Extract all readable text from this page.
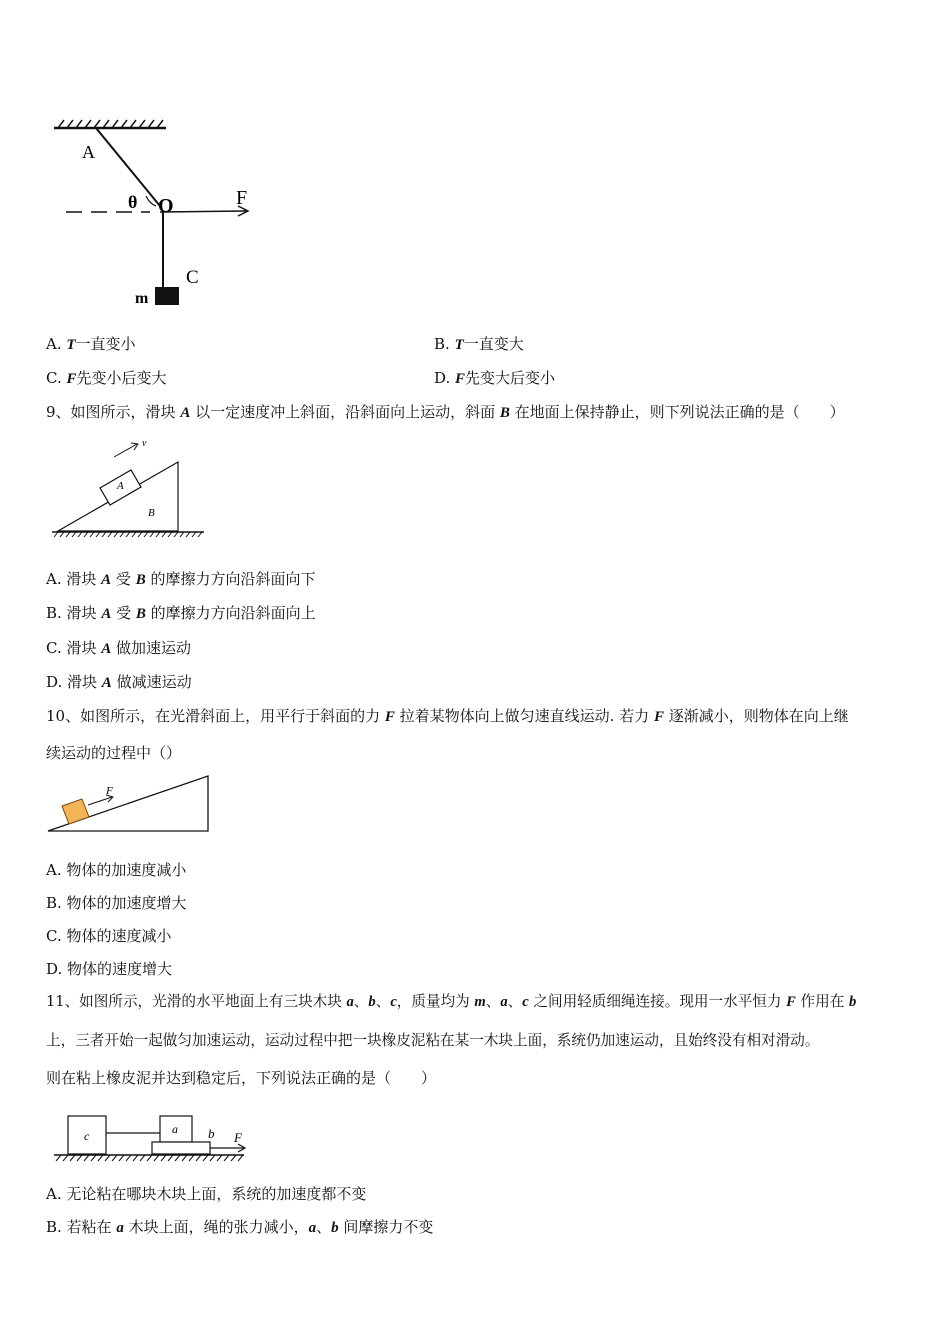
A
θ O	F
C
m
A. T一直变小	B. T一直变大
C. F先变小后变大	D. F先变大后变小
9、如图所示，滑块 A 以一定速度冲上斜面，沿斜面向上运动，斜面 B 在地面上保持静止，则下列说法正确的是（　　）
v
A
B
A. 滑块 A 受 B 的摩擦力方向沿斜面向下
B. 滑块 A 受 B 的摩擦力方向沿斜面向上
C. 滑块 A 做加速运动
D. 滑块 A 做减速运动
10、如图所示，在光滑斜面上，用平行于斜面的力 F 拉着某物体向上做匀速直线运动. 若力 F 逐渐减小，则物体在向上继
续运动的过程中（）
F
A. 物体的加速度减小
B. 物体的加速度增大
C. 物体的速度减小
D. 物体的速度增大
11、如图所示，光滑的水平地面上有三块木块 a、b、c，质量均为 m、a、c 之间用轻质细绳连接。现用一水平恒力 F 作用在 b
上，三者开始一起做匀加速运动，运动过程中把一块橡皮泥粘在某一木块上面，系统仍加速运动，且始终没有相对滑动。
则在粘上橡皮泥并达到稳定后，下列说法正确的是（　　）
c	a b F
A. 无论粘在哪块木块上面，系统的加速度都不变
B. 若粘在 a 木块上面，绳的张力减小，a、b 间摩擦力不变
